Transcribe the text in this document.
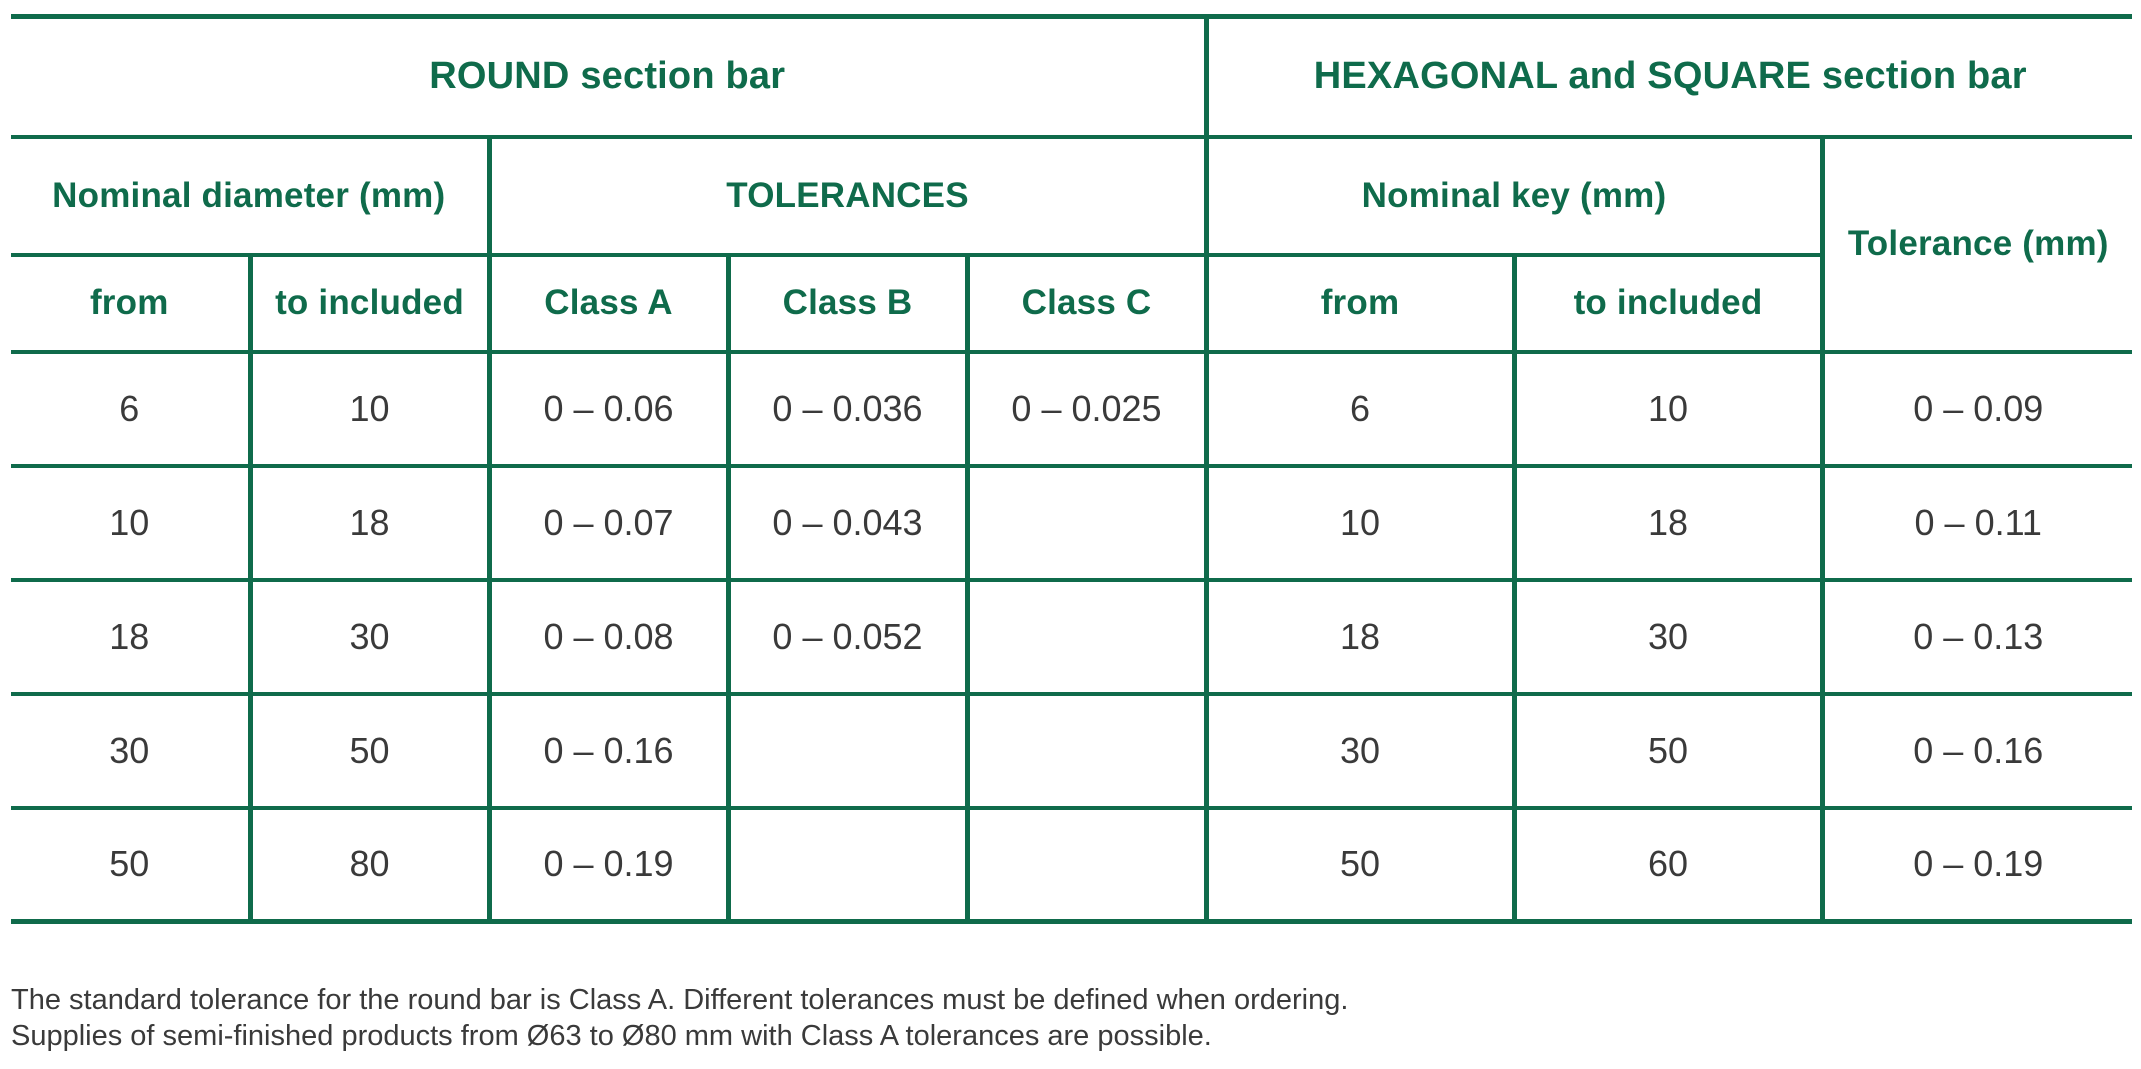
ROUND section bar					HEXAGONAL and SQUARE section bar		
Nominal diameter (mm)		TOLERANCES			Nominal key (mm)		Tolerance (mm)
from	to included	Class A	Class B	Class C	from	to included	
6	10	0 – 0.06	0 – 0.036	0 – 0.025	6	10	0 – 0.09
10	18	0 – 0.07	0 – 0.043		10	18	0 – 0.11
18	30	0 – 0.08	0 – 0.052		18	30	0 – 0.13
30	50	0 – 0.16			30	50	0 – 0.16
50	80	0 – 0.19			50	60	0 – 0.19

The standard tolerance for the round bar is Class A. Different tolerances must be defined when ordering.

Supplies of semi-finished products from Ø63 to Ø80 mm with Class A tolerances are possible.
